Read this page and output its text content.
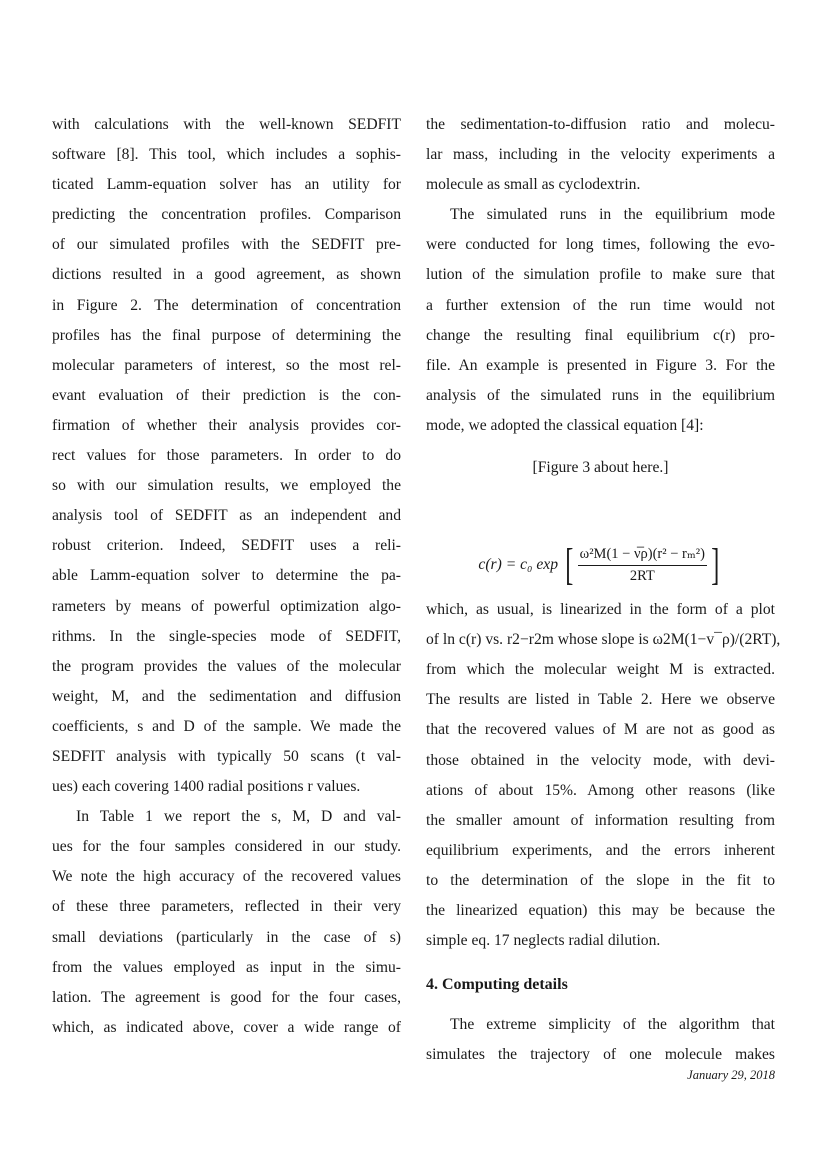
with calculations with the well-known SEDFIT
software [8]. This tool, which includes a sophis-
ticated Lamm-equation solver has an utility for
predicting the concentration profiles. Comparison
of our simulated profiles with the SEDFIT pre-
dictions resulted in a good agreement, as shown
in Figure 2. The determination of concentration
profiles has the final purpose of determining the
molecular parameters of interest, so the most rel-
evant evaluation of their prediction is the con-
firmation of whether their analysis provides cor-
rect values for those parameters. In order to do
so with our simulation results, we employed the
analysis tool of SEDFIT as an independent and
robust criterion. Indeed, SEDFIT uses a reli-
able Lamm-equation solver to determine the pa-
rameters by means of powerful optimization algo-
rithms. In the single-species mode of SEDFIT,
the program provides the values of the molecular
weight, M, and the sedimentation and diffusion
coefficients, s and D of the sample. We made the
SEDFIT analysis with typically 50 scans (t val-
ues) each covering 1400 radial positions r values.
In Table 1 we report the s, M, D and val-
ues for the four samples considered in our study.
We note the high accuracy of the recovered values
of these three parameters, reflected in their very
small deviations (particularly in the case of s)
from the values employed as input in the simu-
lation. The agreement is good for the four cases,
which, as indicated above, cover a wide range of
the sedimentation-to-diffusion ratio and molecu-
lar mass, including in the velocity experiments a
molecule as small as cyclodextrin.
The simulated runs in the equilibrium mode
were conducted for long times, following the evo-
lution of the simulation profile to make sure that
a further extension of the run time would not
change the resulting final equilibrium c(r) pro-
file. An example is presented in Figure 3. For the
analysis of the simulated runs in the equilibrium
mode, we adopted the classical equation [4]:
[Figure 3 about here.]
c(r) = c₀ exp [ $\frac{\text{ω²M(1 − ν̅ρ)(r² − rₘ²)}}{2RT}$ ]
which, as usual, is linearized in the form of a plot
of ln c(r) vs. r2−r2m whose slope is ω2M(1−v¯ρ)/(2RT),
from which the molecular weight M is extracted.
The results are listed in Table 2. Here we observe
that the recovered values of M are not as good as
those obtained in the velocity mode, with devi-
ations of about 15%. Among other reasons (like
the smaller amount of information resulting from
equilibrium experiments, and the errors inherent
to the determination of the slope in the fit to
the linearized equation) this may be because the
simple eq. 17 neglects radial dilution.
4. Computing details
The extreme simplicity of the algorithm that
simulates the trajectory of one molecule makes
January 29, 2018
